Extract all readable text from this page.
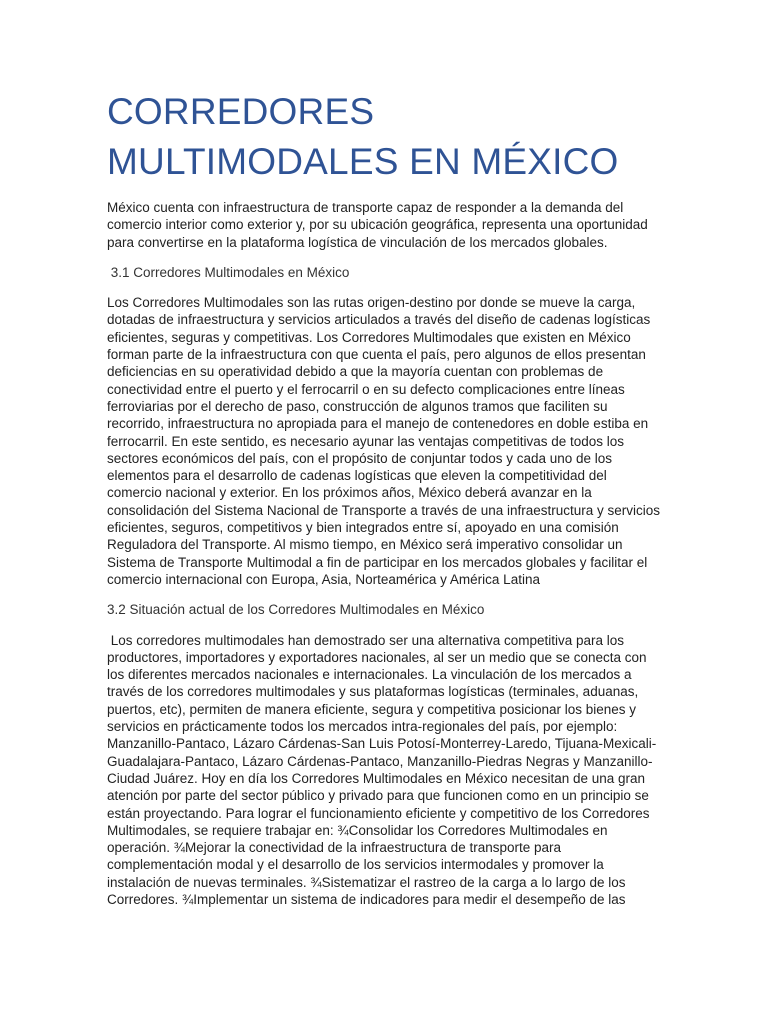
CORREDORES MULTIMODALES EN MÉXICO

México cuenta con infraestructura de transporte capaz de responder a la demanda del comercio interior como exterior y, por su ubicación geográfica, representa una oportunidad para convertirse en la plataforma logística de vinculación de los mercados globales.

3.1 Corredores Multimodales en México

Los Corredores Multimodales son las rutas origen-destino por donde se mueve la carga, dotadas de infraestructura y servicios articulados a través del diseño de cadenas logísticas eficientes, seguras y competitivas. Los Corredores Multimodales que existen en México forman parte de la infraestructura con que cuenta el país, pero algunos de ellos presentan deficiencias en su operatividad debido a que la mayoría cuentan con problemas de conectividad entre el puerto y el ferrocarril o en su defecto complicaciones entre líneas ferroviarias por el derecho de paso, construcción de algunos tramos que faciliten su recorrido, infraestructura no apropiada para el manejo de contenedores en doble estiba en ferrocarril. En este sentido, es necesario ayunar las ventajas competitivas de todos los sectores económicos del país, con el propósito de conjuntar todos y cada uno de los elementos para el desarrollo de cadenas logísticas que eleven la competitividad del comercio nacional y exterior. En los próximos años, México deberá avanzar en la consolidación del Sistema Nacional de Transporte a través de una infraestructura y servicios eficientes, seguros, competitivos y bien integrados entre sí, apoyado en una comisión Reguladora del Transporte. Al mismo tiempo, en México será imperativo consolidar un Sistema de Transporte Multimodal a fin de participar en los mercados globales y facilitar el comercio internacional con Europa, Asia, Norteamérica y América Latina

3.2 Situación actual de los Corredores Multimodales en México

Los corredores multimodales han demostrado ser una alternativa competitiva para los productores, importadores y exportadores nacionales, al ser un medio que se conecta con los diferentes mercados nacionales e internacionales. La vinculación de los mercados a través de los corredores multimodales y sus plataformas logísticas (terminales, aduanas, puertos, etc), permiten de manera eficiente, segura y competitiva posicionar los bienes y servicios en prácticamente todos los mercados intra-regionales del país, por ejemplo: Manzanillo-Pantaco, Lázaro Cárdenas-San Luis Potosí-Monterrey-Laredo, Tijuana-Mexicali-Guadalajara-Pantaco, Lázaro Cárdenas-Pantaco, Manzanillo-Piedras Negras y Manzanillo-Ciudad Juárez. Hoy en día los Corredores Multimodales en México necesitan de una gran atención por parte del sector público y privado para que funcionen como en un principio se están proyectando. Para lograr el funcionamiento eficiente y competitivo de los Corredores Multimodales, se requiere trabajar en: ¾Consolidar los Corredores Multimodales en operación. ¾Mejorar la conectividad de la infraestructura de transporte para complementación modal y el desarrollo de los servicios intermodales y promover la instalación de nuevas terminales. ¾Sistematizar el rastreo de la carga a lo largo de los Corredores. ¾Implementar un sistema de indicadores para medir el desempeño de las
